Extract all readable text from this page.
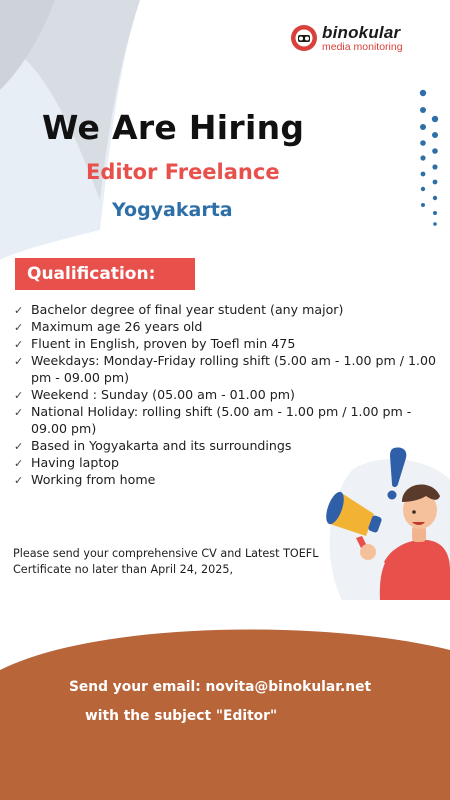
binokular
media monitoring
We Are Hiring
Editor Freelance
Yogyakarta
Qualification:
✓ Bachelor degree of final year student (any major)
✓ Maximum age 26 years old
✓ Fluent in English, proven by Toefl min 475
✓ Weekdays: Monday-Friday rolling shift (5.00 am - 1.00 pm / 1.00 pm - 09.00 pm)
✓ Weekend : Sunday (05.00 am - 01.00 pm)
✓ National Holiday: rolling shift (5.00 am - 1.00 pm / 1.00 pm - 09.00 pm)
✓ Based in Yogyakarta and its surroundings
✓ Having laptop
✓ Working from home

Please send your comprehensive CV and Latest TOEFL Certificate no later than April 24, 2025,

Send your email: novita@binokular.net
with the subject "Editor"
